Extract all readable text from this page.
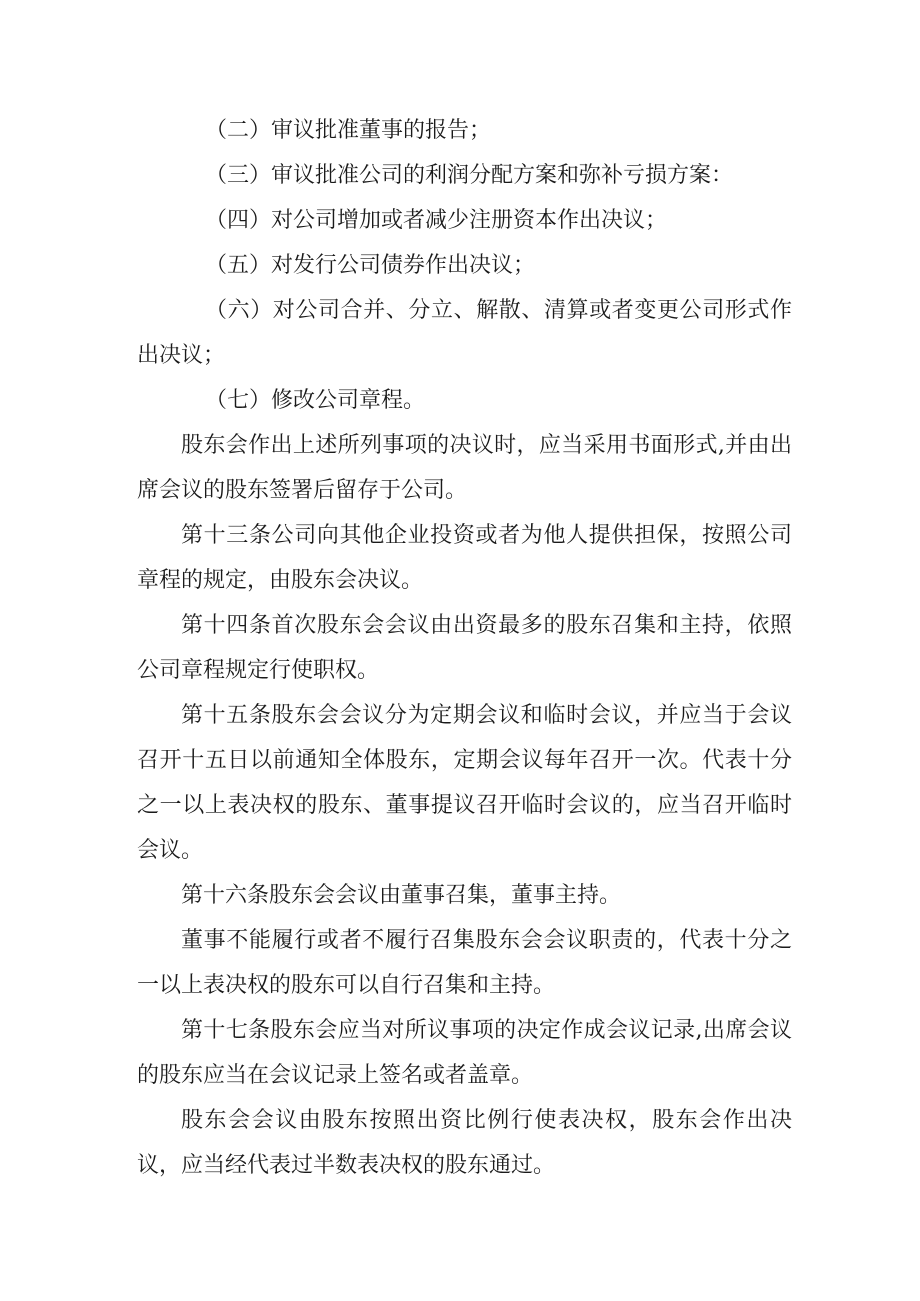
（二）审议批准董事的报告；

（三）审议批准公司的利润分配方案和弥补亏损方案：

（四）对公司增加或者减少注册资本作出决议；

（五）对发行公司债券作出决议；

（六）对公司合并、分立、解散、清算或者变更公司形式作出决议；

（七）修改公司章程。

股东会作出上述所列事项的决议时，应当采用书面形式,并由出席会议的股东签署后留存于公司。

第十三条公司向其他企业投资或者为他人提供担保，按照公司章程的规定，由股东会决议。

第十四条首次股东会会议由出资最多的股东召集和主持，依照公司章程规定行使职权。

第十五条股东会会议分为定期会议和临时会议，并应当于会议召开十五日以前通知全体股东，定期会议每年召开一次。代表十分之一以上表决权的股东、董事提议召开临时会议的，应当召开临时会议。

第十六条股东会会议由董事召集，董事主持。

董事不能履行或者不履行召集股东会会议职责的，代表十分之一以上表决权的股东可以自行召集和主持。

第十七条股东会应当对所议事项的决定作成会议记录,出席会议的股东应当在会议记录上签名或者盖章。

股东会会议由股东按照出资比例行使表决权，股东会作出决议，应当经代表过半数表决权的股东通过。
